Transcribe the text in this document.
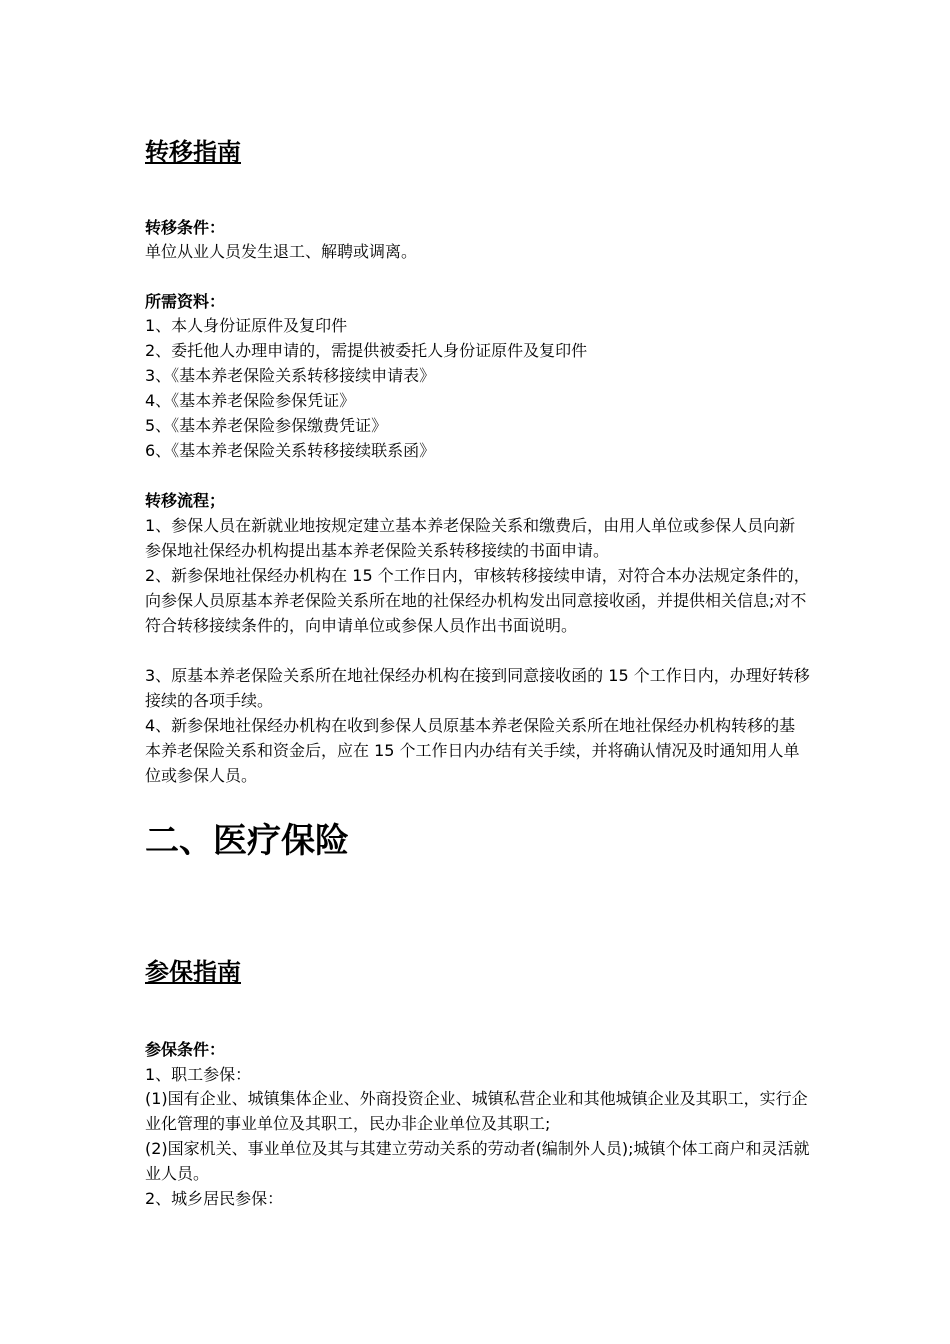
转移指南
转移条件：
单位从业人员发生退工、解聘或调离。
所需资料：
1、本人身份证原件及复印件
2、委托他人办理申请的，需提供被委托人身份证原件及复印件
3、《基本养老保险关系转移接续申请表》
4、《基本养老保险参保凭证》
5、《基本养老保险参保缴费凭证》
6、《基本养老保险关系转移接续联系函》
转移流程；
1、参保人员在新就业地按规定建立基本养老保险关系和缴费后，由用人单位或参保人员向新参保地社保经办机构提出基本养老保险关系转移接续的书面申请。
2、新参保地社保经办机构在 15 个工作日内，审核转移接续申请，对符合本办法规定条件的，向参保人员原基本养老保险关系所在地的社保经办机构发出同意接收函，并提供相关信息;对不符合转移接续条件的，向申请单位或参保人员作出书面说明。
3、原基本养老保险关系所在地社保经办机构在接到同意接收函的 15 个工作日内，办理好转移接续的各项手续。
4、新参保地社保经办机构在收到参保人员原基本养老保险关系所在地社保经办机构转移的基本养老保险关系和资金后，应在 15 个工作日内办结有关手续，并将确认情况及时通知用人单位或参保人员。
二、医疗保险
参保指南
参保条件：
1、职工参保：
(1)国有企业、城镇集体企业、外商投资企业、城镇私营企业和其他城镇企业及其职工，实行企业化管理的事业单位及其职工，民办非企业单位及其职工;
(2)国家机关、事业单位及其与其建立劳动关系的劳动者(编制外人员);城镇个体工商户和灵活就业人员。
2、城乡居民参保：
